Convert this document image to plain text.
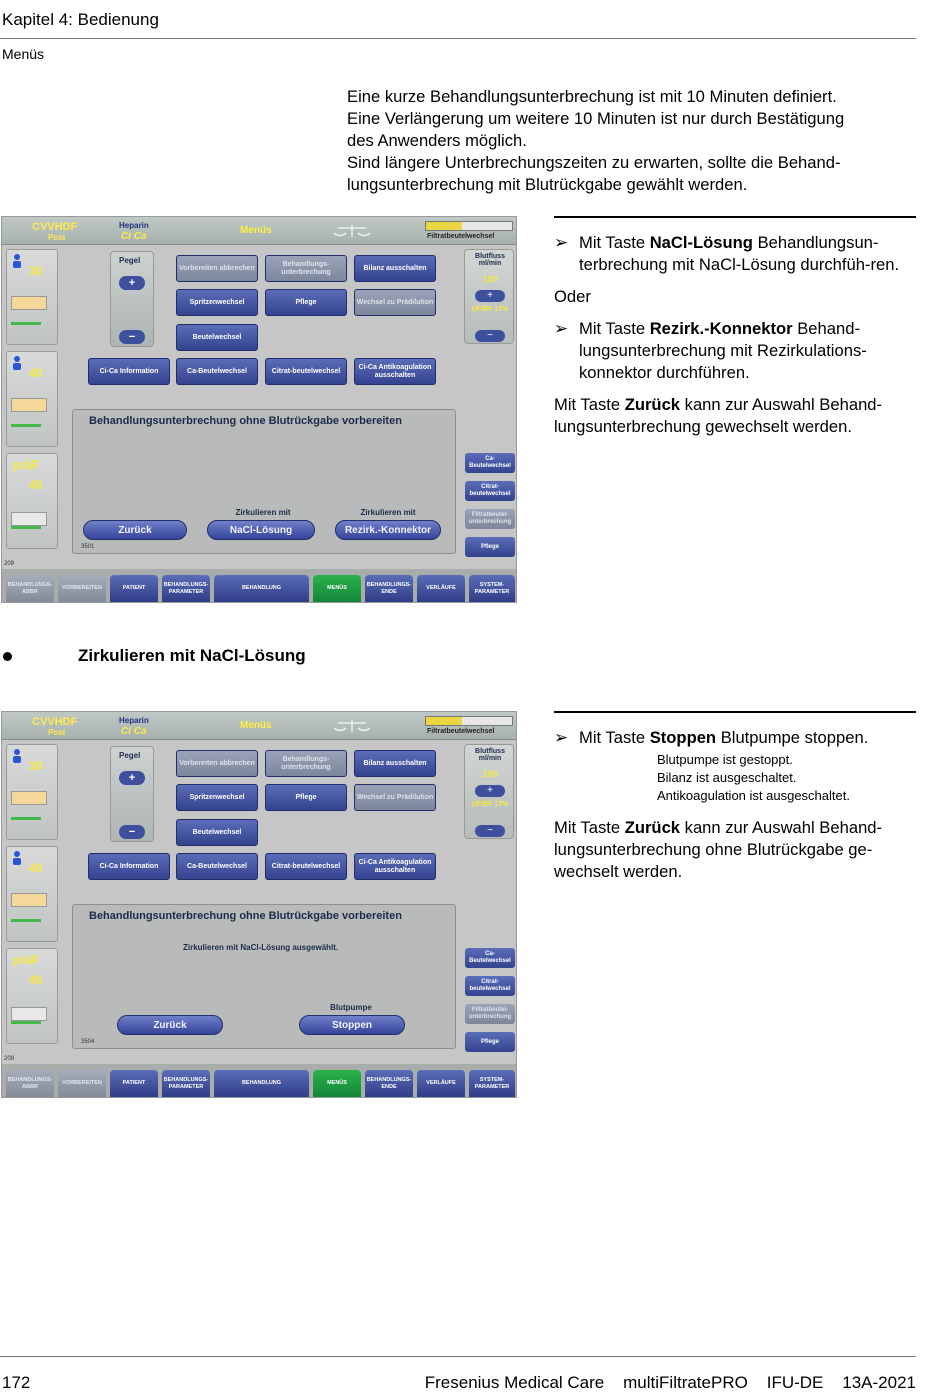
Kapitel 4: Bedienung
Menüs

Eine kurze Behandlungsunterbrechung ist mit 10 Minuten definiert.

Eine Verlängerung um weitere 10 Minuten ist nur durch Bestätigung

des Anwenders möglich.

Sind längere Unterbrechungszeiten zu erwarten, sollte die Behand-

lungsunterbrechung mit Blutrückgabe gewählt werden.

CVVHDF
Post
Heparin
Ci Ca
Menüs
Filtratbeutelwechsel
30
40
präF
45
Pegel
+
−
Vorbereiten abbrechen
Behandlungs-unterbrechung
Bilanz ausschalten
Spritzenwechsel	Pflege	Wechsel zu Prädilution
Beutelwechsel
Ci-Ca Information	Ca-Beutelwechsel	Citrat-beutelwechsel
Ci-Ca Antikoagulation ausschalten
Blutfluss ml/min
100
+
UF/BF 17%
−
Behandlungsunterbrechung ohne Blutrückgabe vorbereiten
Zirkulieren mit	Zirkulieren mit
Zurück	NaCl-Lösung	Rezirk.-Konnektor
3501
Ca-Beutelwechsel
Citrat-beutelwechsel
Filtratbeutel-unterbrechung
Pflege
209
BEHANDLUNGS-ABBR
VORBEREITEN	PATIENT
BEHANDLUNGS-PARAMETER
BEHANDLUNG	MENÜS
BEHANDLUNGS-ENDE
VERLÄUFE
SYSTEM-PARAMETER
➢ Mit Taste NaCl-Lösung Behandlungsun-terbrechung mit NaCl-Lösung durchfüh-ren.

Oder

➢ Mit Taste Rezirk.-Konnektor Behand-lungsunterbrechung mit Rezirkulations-konnektor durchführen.

Mit Taste Zurück kann zur Auswahl Behand-lungsunterbrechung gewechselt werden.

Zirkulieren mit NaCl-Lösung
CVVHDF
Post
Heparin
Ci Ca
Menüs
Filtratbeutelwechsel
30
40
präF
45
Pegel
+
−
Vorbereiten abbrechen
Behandlungs-unterbrechung
Bilanz ausschalten
Spritzenwechsel	Pflege	Wechsel zu Prädilution
Beutelwechsel
Ci-Ca Information	Ca-Beutelwechsel	Citrat-beutelwechsel
Ci-Ca Antikoagulation ausschalten
Blutfluss ml/min
100
+
UF/BF 17%
−
Behandlungsunterbrechung ohne Blutrückgabe vorbereiten
Zirkulieren mit NaCl-Lösung ausgewählt.
Blutpumpe
Zurück	Stoppen
3504
Ca-Beutelwechsel
Citrat-beutelwechsel
Filtratbeutel-unterbrechung
Pflege
209
BEHANDLUNGS-ABBR
VORBEREITEN	PATIENT
BEHANDLUNGS-PARAMETER
BEHANDLUNG	MENÜS
BEHANDLUNGS-ENDE
VERLÄUFE
SYSTEM-PARAMETER
➢ Mit Taste Stoppen Blutpumpe stoppen.
Blutpumpe ist gestoppt.
Bilanz ist ausgeschaltet.
Antikoagulation ist ausgeschaltet.

Mit Taste Zurück kann zur Auswahl Behand-lungsunterbrechung ohne Blutrückgabe ge-wechselt werden.

172	Fresenius Medical Care    multiFiltratePRO    IFU-DE    13A-2021
